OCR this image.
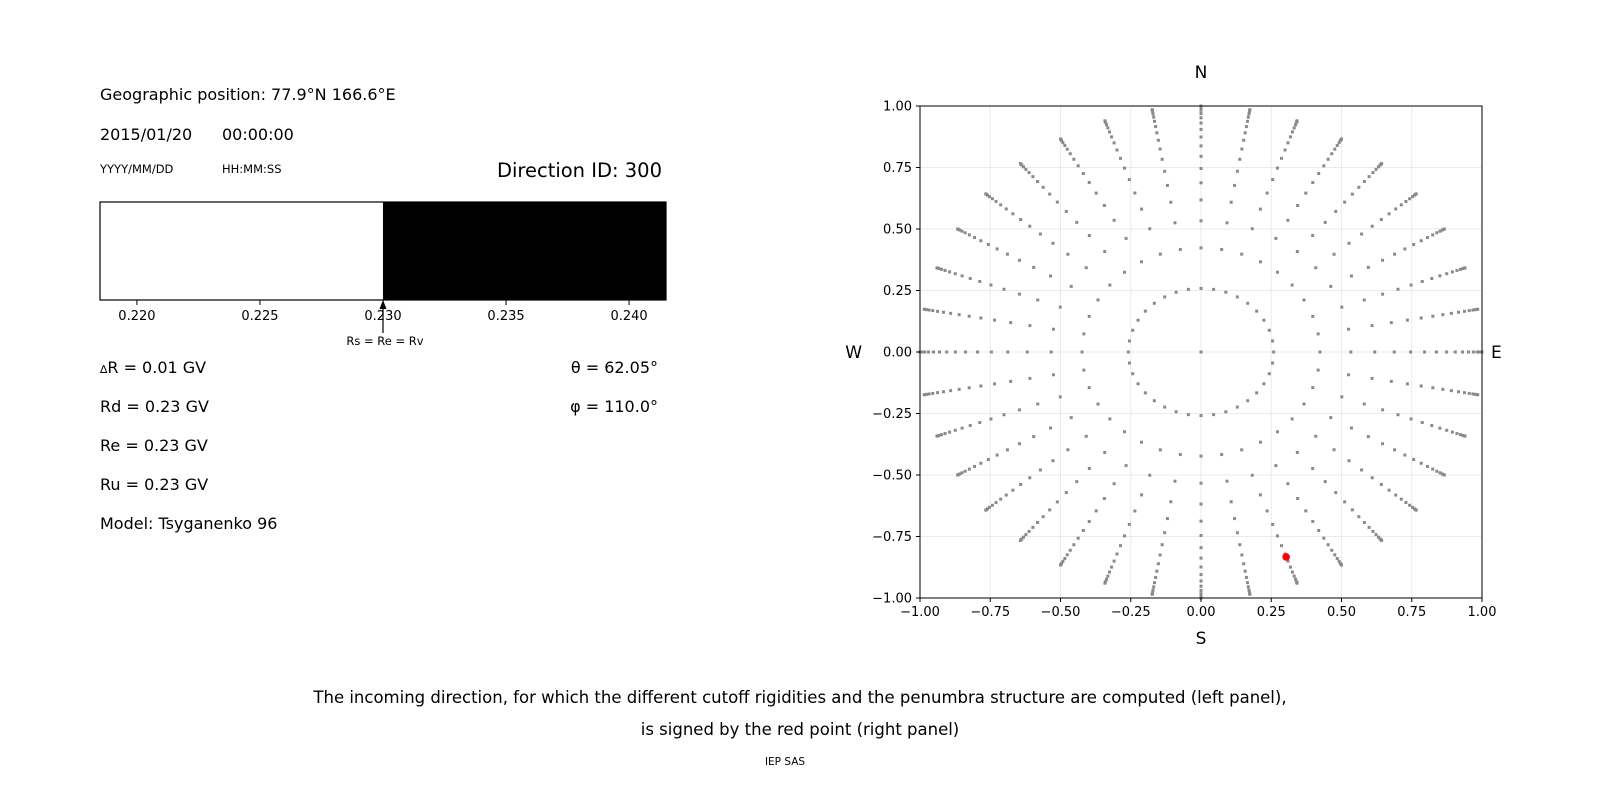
Geographic position: 77.9°N 166.6°E
2015/01/20 00:00:00
YYYY/MM/DD	HH:MM:SS	Direction ID: 300
0.220	0.225	0.230	0.235	0.240
Rs = Re = Rv
∆R = 0.01 GV	θ = 62.05°
Rd = 0.23 GV	φ = 110.0°
Re = 0.23 GV
Ru = 0.23 GV
Model: Tsyganenko 96
−1.00
−1.00
−0.75
−0.75
−0.50
−0.50
−0.25
−0.25
0.00
0.00
0.25
0.25
0.50
0.50
0.75
0.75
1.00
1.00
N
S
W	E
The incoming direction, for which the different cutoff rigidities and the penumbra structure are computed (left panel),
is signed by the red point (right panel)
IEP SAS
